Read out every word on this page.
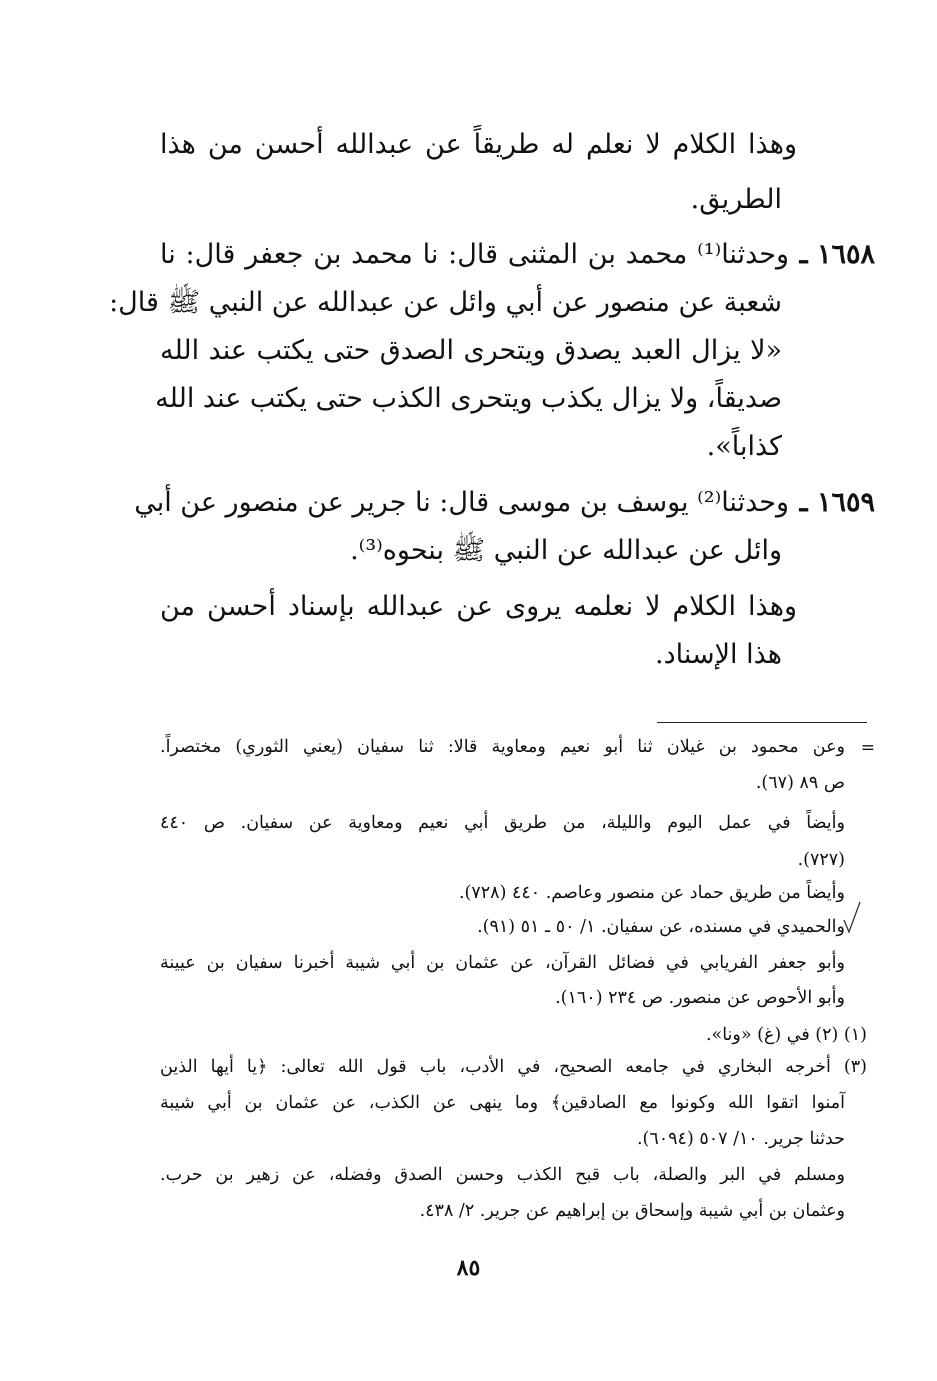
وهذا الكلام لا نعلم له طريقاً عن عبدالله أحسن من هذا
الطريق.
وحدثنا⁽¹⁾ محمد بن المثنى قال: نا محمد بن جعفر قال: نا ١٦٥٨ ـ
شعبة عن منصور عن أبي وائل عن عبدالله عن النبي ﷺ قال:
«لا يزال العبد يصدق ويتحرى الصدق حتى يكتب عند الله
صديقاً، ولا يزال يكذب ويتحرى الكذب حتى يكتب عند الله
كذاباً».
وحدثنا⁽²⁾ يوسف بن موسى قال: نا جرير عن منصور عن أبي ١٦٥٩ ـ
وائل عن عبدالله عن النبي ﷺ بنحوه⁽³⁾.
وهذا الكلام لا نعلمه يروى عن عبدالله بإسناد أحسن من
هذا الإسناد.
=
وعن محمود بن غيلان ثنا أبو نعيم ومعاوية قالا: ثنا سفيان (يعني الثوري) مختصراً.
ص ٨٩ (٦٧).
وأيضاً في عمل اليوم والليلة، من طريق أبي نعيم ومعاوية عن سفيان. ص ٤٤٠
(٧٢٧).
وأيضاً من طريق حماد عن منصور وعاصم. ٤٤٠ (٧٢٨).
والحميدي في مسنده، عن سفيان. ١/ ٥٠ ـ ٥١ (٩١).
وأبو جعفر الفريابي في فضائل القرآن، عن عثمان بن أبي شيبة أخبرنا سفيان بن عيينة
وأبو الأحوص عن منصور. ص ٢٣٤ (١٦٠).
(١) (٢) في (غ) «ونا».
(٣) أخرجه البخاري في جامعه الصحيح، في الأدب، باب قول الله تعالى: ﴿يا أيها الذين
آمنوا اتقوا الله وكونوا مع الصادقين﴾ وما ينهى عن الكذب، عن عثمان بن أبي شيبة
حدثنا جرير. ١٠/ ٥٠٧ (٦٠٩٤).
ومسلم في البر والصلة، باب قبح الكذب وحسن الصدق وفضله، عن زهير بن حرب.
وعثمان بن أبي شيبة وإسحاق بن إبراهيم عن جرير. ٢/ ٤٣٨.
٨٥
